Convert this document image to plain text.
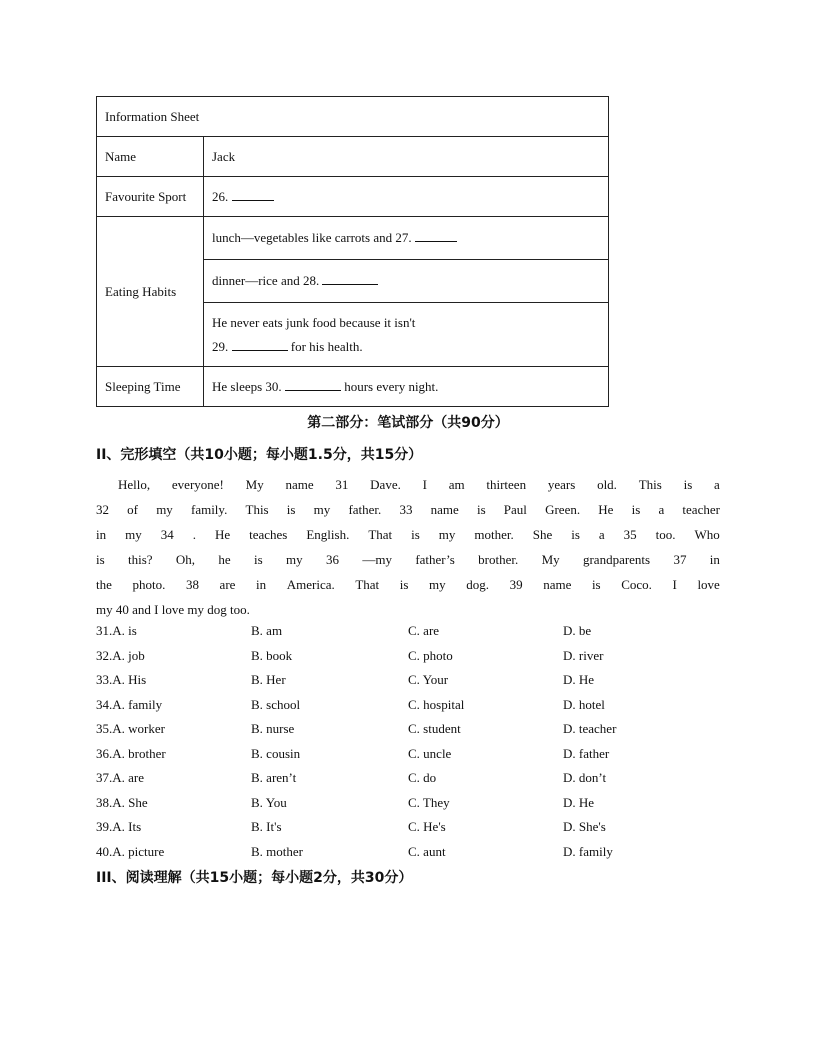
Information Sheet	
Name	Jack
Favourite Sport	26.
Eating Habits	lunch—vegetables like carrots and 27.
	dinner—rice and 28.

	He never eats junk food because it isn't
29. for his health.

Sleeping Time	He sleeps 30. hours every night.
第二部分：笔试部分（共90分）
II、完形填空（共10小题；每小题1.5分，共15分）
Hello, everyone! My name 31 Dave. I am thirteen years old. This is a
32 of my family. This is my father. 33 name is Paul Green. He is a teacher
in my 34 . He teaches English. That is my mother. She is a 35 too. Who
is this? Oh, he is my 36 —my father’s brother. My grandparents 37 in
the photo. 38 are in America. That is my dog. 39 name is Coco. I love
my 40 and I love my dog too.
31.A. is	B. am	C. are	D. be
32.A. job	B. book	C. photo	D. river
33.A. His	B. Her	C. Your	D. He
34.A. family	B. school	C. hospital	D. hotel
35.A. worker	B. nurse	C. student	D. teacher
36.A. brother	B. cousin	C. uncle	D. father
37.A. are	B. aren’t	C. do	D. don’t
38.A. She	B. You	C. They	D. He
39.A. Its	B. It's	C. He's	D. She's
40.A. picture	B. mother	C. aunt	D. family
III、阅读理解（共15小题；每小题2分，共30分）
